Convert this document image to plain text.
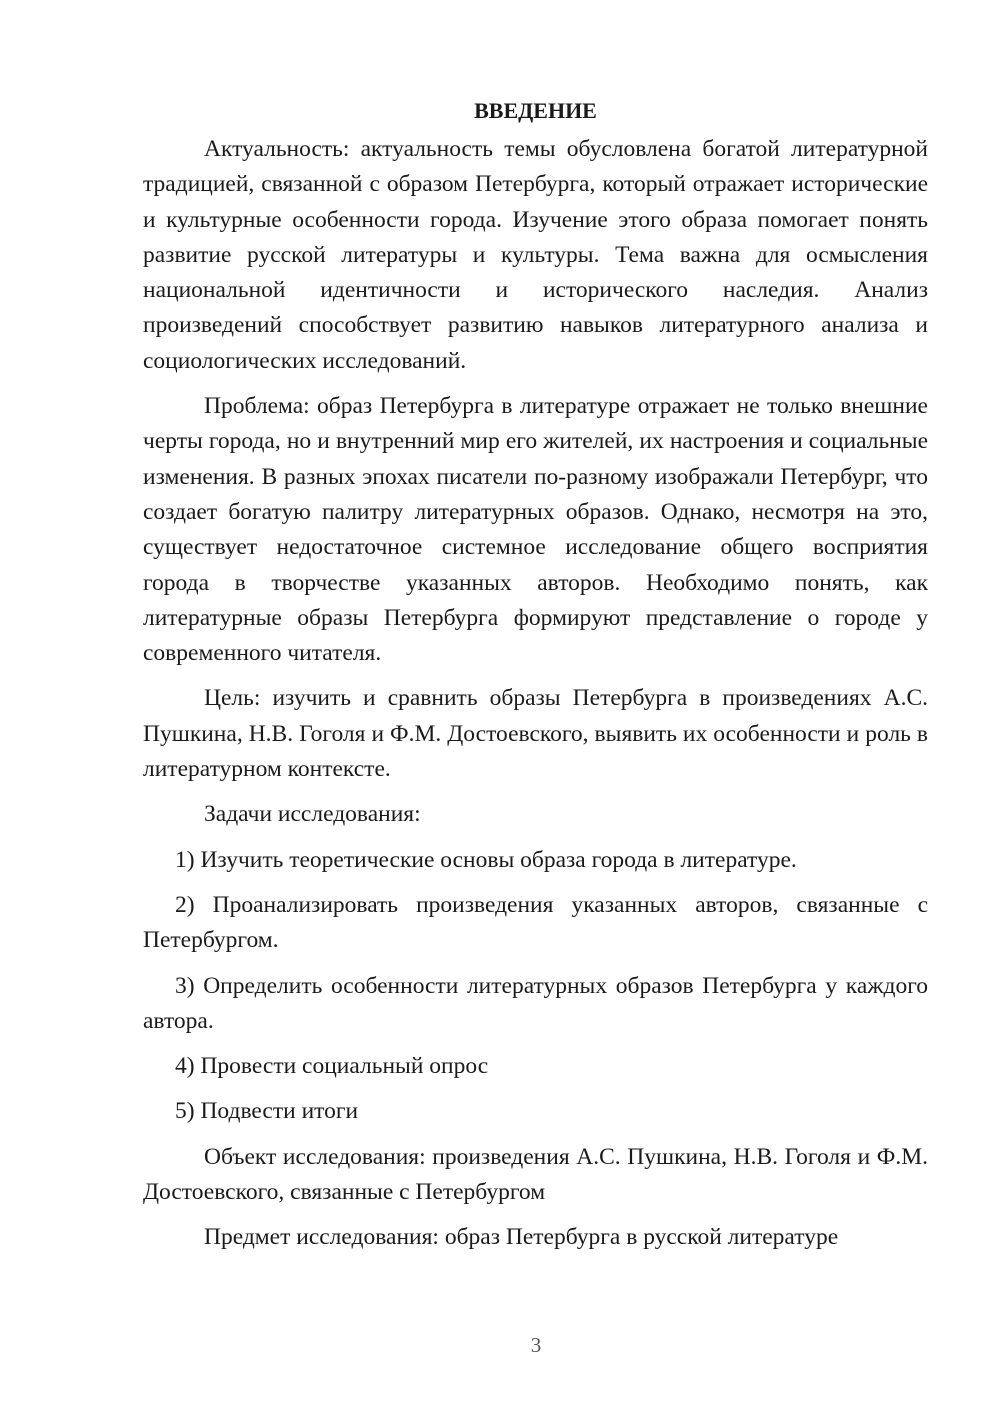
ВВЕДЕНИЕ

Актуальность: актуальность темы обусловлена богатой литературной традицией, связанной с образом Петербурга, который отражает исторические и культурные особенности города. Изучение этого образа помогает понять развитие русской литературы и культуры. Тема важна для осмысления национальной идентичности и исторического наследия. Анализ произведений способствует развитию навыков литературного анализа и социологических исследований.

Проблема: образ Петербурга в литературе отражает не только внешние черты города, но и внутренний мир его жителей, их настроения и социальные изменения. В разных эпохах писатели по-разному изображали Петербург, что создает богатую палитру литературных образов. Однако, несмотря на это, существует недостаточное системное исследование общего восприятия города в творчестве указанных авторов. Необходимо понять, как литературные образы Петербурга формируют представление о городе у современного читателя.

Цель: изучить и сравнить образы Петербурга в произведениях А.С. Пушкина, Н.В. Гоголя и Ф.М. Достоевского, выявить их особенности и роль в литературном контексте.

Задачи исследования:

1) Изучить теоретические основы образа города в литературе.

2) Проанализировать произведения указанных авторов, связанные с Петербургом.

3) Определить особенности литературных образов Петербурга у каждого автора.

4) Провести социальный опрос

5) Подвести итоги

Объект исследования: произведения А.С. Пушкина, Н.В. Гоголя и Ф.М. Достоевского, связанные с Петербургом

Предмет исследования: образ Петербурга в русской литературе

3
